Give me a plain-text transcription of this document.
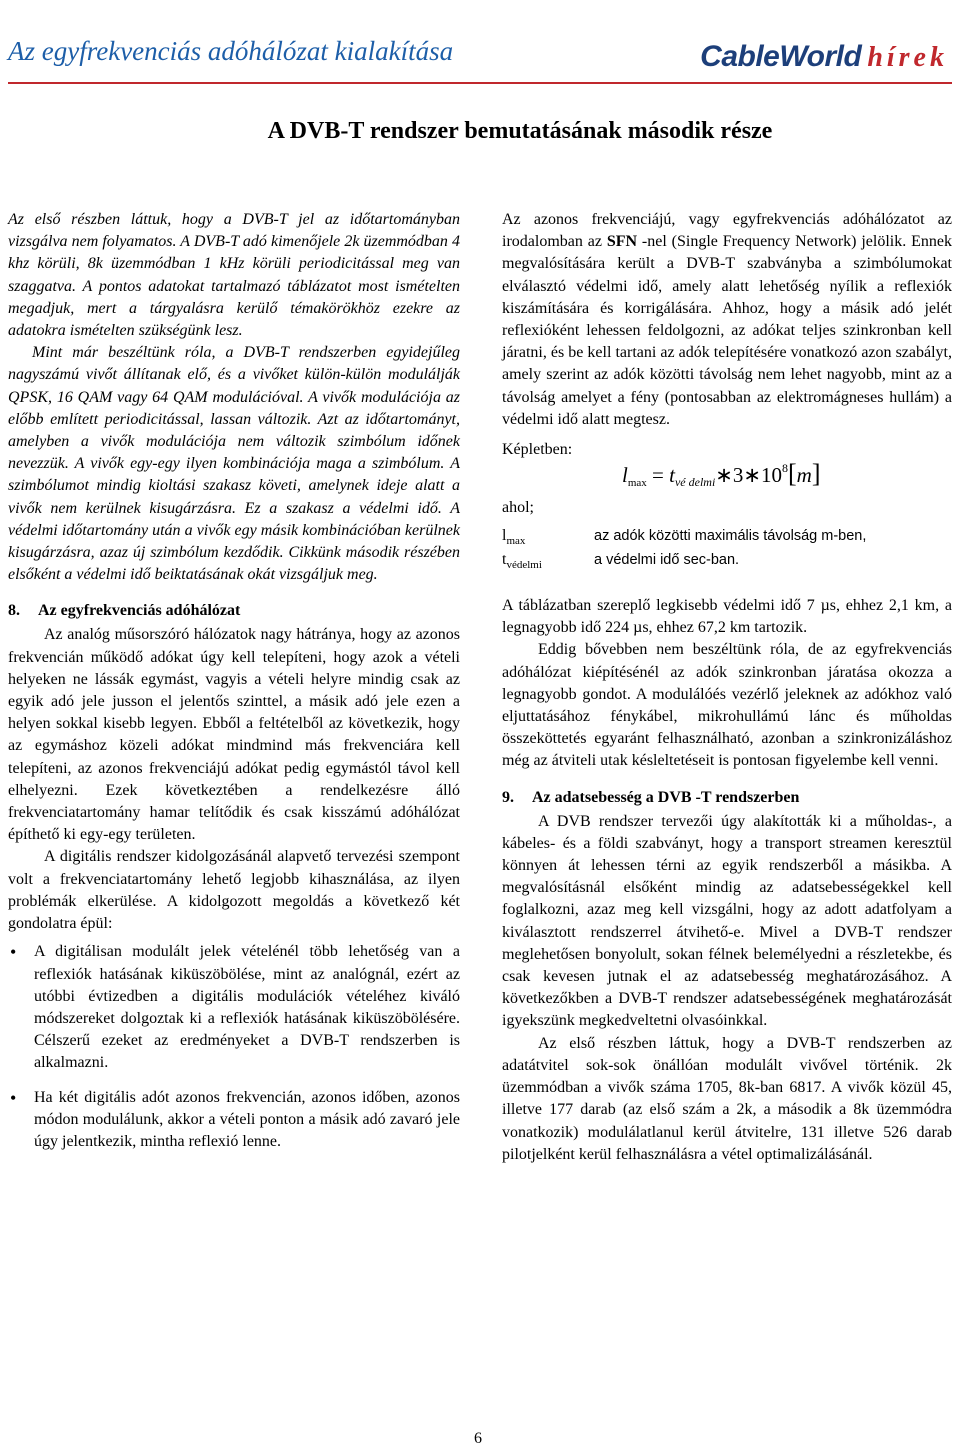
Az egyfrekvenciás adóhálózat kialakítása	CableWorld hírek
A DVB-T rendszer bemutatásának második része

Az első részben láttuk, hogy a DVB-T jel az időtartományban vizsgálva nem folyamatos. A DVB-T adó kimenőjele 2k üzemmódban 4 khz körüli, 8k üzemmódban 1 kHz körüli periodicitással meg van szaggatva. A pontos adatokat tartalmazó táblázatot most ismételten megadjuk, mert a tárgyalásra kerülő témakörökhöz ezekre az adatokra ismételten szükségünk lesz.

Mint már beszéltünk róla, a DVB-T rendszerben egyidejűleg nagyszámú vivőt állítanak elő, és a vivőket külön-külön modulálják QPSK, 16 QAM vagy 64 QAM modulációval. A vivők modulációja az előbb említett periodicitással, lassan változik. Azt az időtartományt, amelyben a vivők modulációja nem változik szimbólum időnek nevezzük. A vivők egy-egy ilyen kombinációja maga a szimbólum. A szimbólumot mindig kioltási szakasz követi, amelynek ideje alatt a vivők nem kerülnek kisugárzásra. Ez a szakasz a védelmi idő. A védelmi időtartomány után a vivők egy másik kombinációban kerülnek kisugárzásra, azaz új szimbólum kezdődik. Cikkünk második részében elsőként a védelmi idő beiktatásának okát vizsgáljuk meg.

8. Az egyfrekvenciás adóhálózat

Az analóg műsorszóró hálózatok nagy hátránya, hogy az azonos frekvencián működő adókat úgy kell telepíteni, hogy azok a vételi helyeken ne lássák egymást, vagyis a vételi helyre mindig csak az egyik adó jele jusson el jelentős szinttel, a másik adó jele ezen a helyen sokkal kisebb legyen. Ebből a feltételből az következik, hogy az egymáshoz közeli adókat mindmind más frekvenciára kell telepíteni, az azonos frekvenciájú adókat pedig egymástól távol kell elhelyezni. Ezek következtében a rendelkezésre álló frekvenciatartomány hamar telítődik és csak kisszámú adóhálózat építhető ki egy-egy területen.

A digitális rendszer kidolgozásánál alapvető tervezési szempont volt a frekvenciatartomány lehető legjobb kihasználása, az ilyen problémák elkerülése. A kidolgozott megoldás a következő két gondolatra épül:

• A digitálisan modulált jelek vételénél több lehetőség van a reflexiók hatásának kiküszöbölése, mint az analógnál, ezért az utóbbi évtizedben a digitális modulációk vételéhez kiváló módszereket dolgoztak ki a reflexiók hatásának kiküszöbölésére. Célszerű ezeket az eredményeket a DVB-T rendszerben is alkalmazni.
• Ha két digitális adót azonos frekvencián, azonos időben, azonos módon modulálunk, akkor a vételi ponton a másik adó zavaró jele úgy jelentkezik, mintha reflexió lenne.

Az azonos frekvenciájú, vagy egyfrekvenciás adóhálózatot az irodalomban az SFN -nel (Single Frequency Network) jelölik. Ennek megvalósítására került a DVB-T szabványba a szimbólumokat elválasztó védelmi idő, amely alatt lehetőség nyílik a reflexiók kiszámítására és korrigálására. Ahhoz, hogy a másik adó jelét reflexióként lehessen feldolgozni, az adókat teljes szinkronban kell járatni, és be kell tartani az adók telepítésére vonatkozó azon szabályt, amely szerint az adók közötti távolság nem lehet nagyobb, mint az a távolság amelyet a fény (pontosabban az elektromágneses hullám) a védelmi idő alatt megtesz.

Képletben:
$l_{max}$ = tvé $delmi∗3∗10^8[m]$
ahol;
$l_{max}$	az adók közötti maximális távolság m-ben,
$t_{védelmi}$	a védelmi idő sec-ban.

A táblázatban szereplő legkisebb védelmi idő 7 µs, ehhez 2,1 km, a legnagyobb idő 224 µs, ehhez 67,2 km tartozik.

Eddig bővebben nem beszéltünk róla, de az egyfrekvenciás adóhálózat kiépítésénél az adók szinkronban járatása okozza a legnagyobb gondot. A modulálóés vezérlő jeleknek az adókhoz való eljuttatásához fénykábel, mikrohullámú lánc és műholdas összeköttetés egyaránt felhasználható, azonban a szinkronizáláshoz még az átviteli utak késleltetéseit is pontosan figyelembe kell venni.

9. Az adatsebesség a DVB -T rendszerben

A DVB rendszer tervezői úgy alakították ki a műholdas-, a kábeles- és a földi szabványt, hogy a transport streamen keresztül könnyen át lehessen térni az egyik rendszerből a másikba. A megvalósításnál elsőként mindig az adatsebességekkel kell foglalkozni, azaz meg kell vizsgálni, hogy az adott adatfolyam a kiválasztott rendszerrel átvihető-e. Mivel a DVB-T rendszer meglehetősen bonyolult, sokan félnek belemélyedni a részletekbe, és csak kevesen jutnak el az adatsebesség meghatározásához. A következőkben a DVB-T rendszer adatsebességének meghatározását igyekszünk megkedveltetni olvasóinkkal.

Az első részben láttuk, hogy a DVB-T rendszerben az adatátvitel sok-sok önállóan modulált vivővel történik. 2k üzemmódban a vivők száma 1705, 8k-ban 6817. A vivők közül 45, illetve 177 darab (az első szám a 2k, a második a 8k üzemmódra vonatkozik) modulálatlanul kerül átvitelre, 131 illetve 526 darab pilotjelként kerül felhasználásra a vétel optimalizálásánál.

6
